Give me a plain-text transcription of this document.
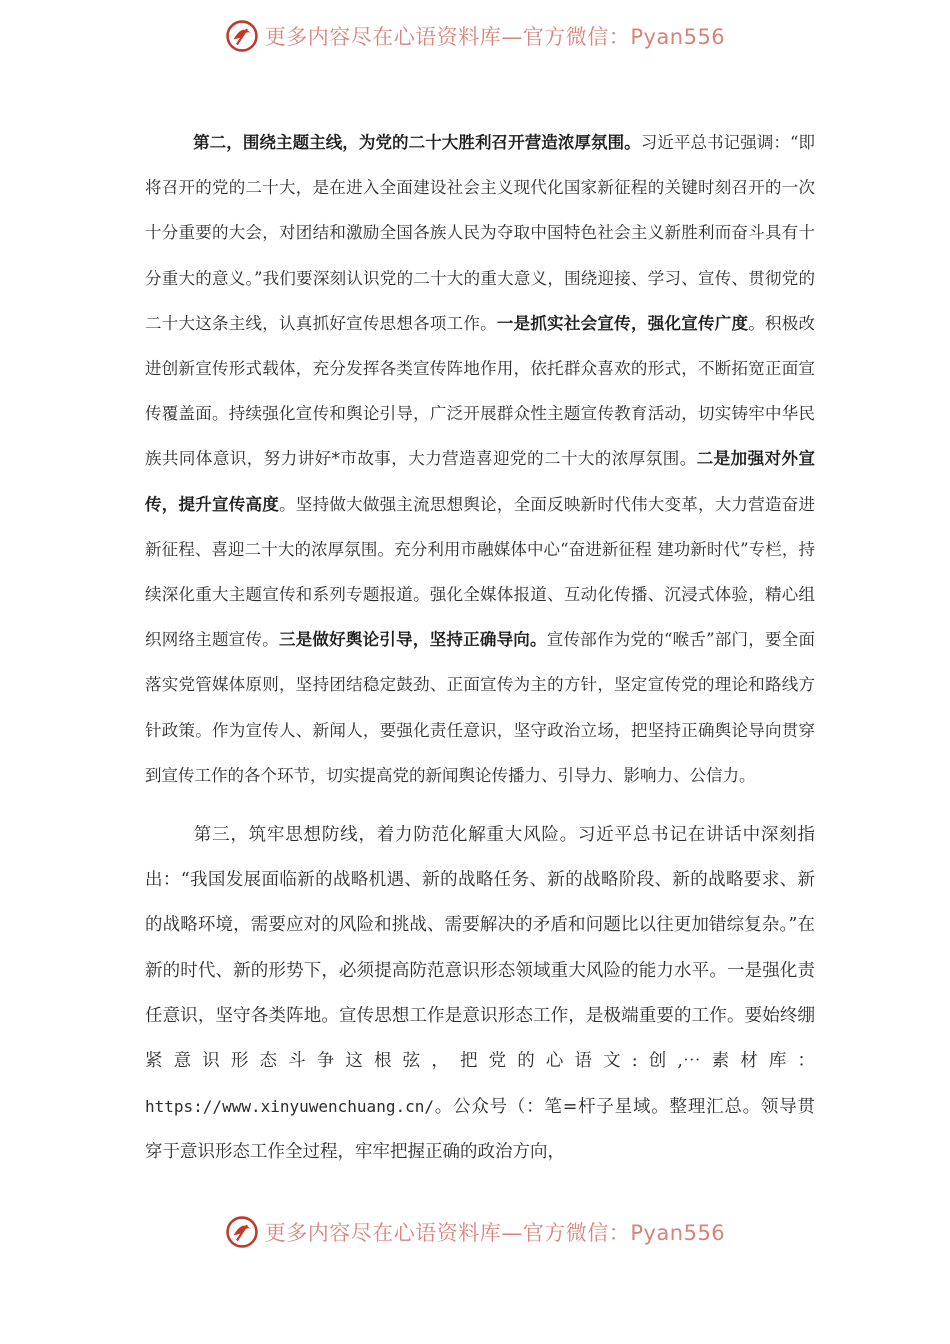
更多内容尽在心语资料库—官方微信：Pyan556

第二，围绕主题主线，为党的二十大胜利召开营造浓厚氛围。习近平总书记强调：“即将召开的党的二十大，是在进入全面建设社会主义现代化国家新征程的关键时刻召开的一次十分重要的大会，对团结和激励全国各族人民为夺取中国特色社会主义新胜利而奋斗具有十分重大的意义。”我们要深刻认识党的二十大的重大意义，围绕迎接、学习、宣传、贯彻党的二十大这条主线，认真抓好宣传思想各项工作。一是抓实社会宣传，强化宣传广度。积极改进创新宣传形式载体，充分发挥各类宣传阵地作用，依托群众喜欢的形式，不断拓宽正面宣传覆盖面。持续强化宣传和舆论引导，广泛开展群众性主题宣传教育活动，切实铸牢中华民族共同体意识，努力讲好*市故事，大力营造喜迎党的二十大的浓厚氛围。二是加强对外宣传，提升宣传高度。坚持做大做强主流思想舆论，全面反映新时代伟大变革，大力营造奋进新征程、喜迎二十大的浓厚氛围。充分利用市融媒体中心“奋进新征程 建功新时代”专栏，持续深化重大主题宣传和系列专题报道。强化全媒体报道、互动化传播、沉浸式体验，精心组织网络主题宣传。三是做好舆论引导，坚持正确导向。宣传部作为党的“喉舌”部门，要全面落实党管媒体原则，坚持团结稳定鼓劲、正面宣传为主的方针，坚定宣传党的理论和路线方针政策。作为宣传人、新闻人，要强化责任意识，坚守政治立场，把坚持正确舆论导向贯穿到宣传工作的各个环节，切实提高党的新闻舆论传播力、引导力、影响力、公信力。

第三，筑牢思想防线，着力防范化解重大风险。习近平总书记在讲话中深刻指出：“我国发展面临新的战略机遇、新的战略任务、新的战略阶段、新的战略要求、新的战略环境，需要应对的风险和挑战、需要解决的矛盾和问题比以往更加错综复杂。”在新的时代、新的形势下，必须提高防范意识形态领域重大风险的能力水平。一是强化责任意识，坚守各类阵地。宣传思想工作是意识形态工作，是极端重要的工作。要始终绷紧意识形态斗争这根弦，把党的心语文:创,⋯素材库：https://www.xinyuwenchuang.cn/。公众号（：笔=杆子星域。整理汇总。领导贯穿于意识形态工作全过程，牢牢把握正确的政治方向，

更多内容尽在心语资料库—官方微信：Pyan556
